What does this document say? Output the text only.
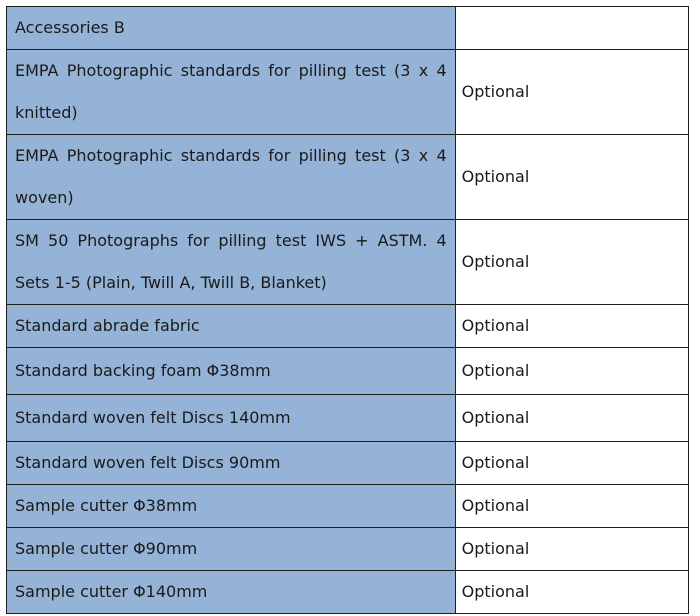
Accessories B	
EMPA Photographic standards for pilling test (3 x 4 knitted)	Optional
EMPA Photographic standards for pilling test (3 x 4 woven)	Optional
SM 50 Photographs for pilling test IWS + ASTM. 4 Sets 1-5 (Plain, Twill A, Twill B, Blanket)	Optional
Standard abrade fabric	Optional
Standard backing foam Φ38mm	Optional
Standard woven felt Discs 140mm	Optional
Standard woven felt Discs 90mm	Optional
Sample cutter Φ38mm	Optional
Sample cutter Φ90mm	Optional
Sample cutter Φ140mm	Optional
